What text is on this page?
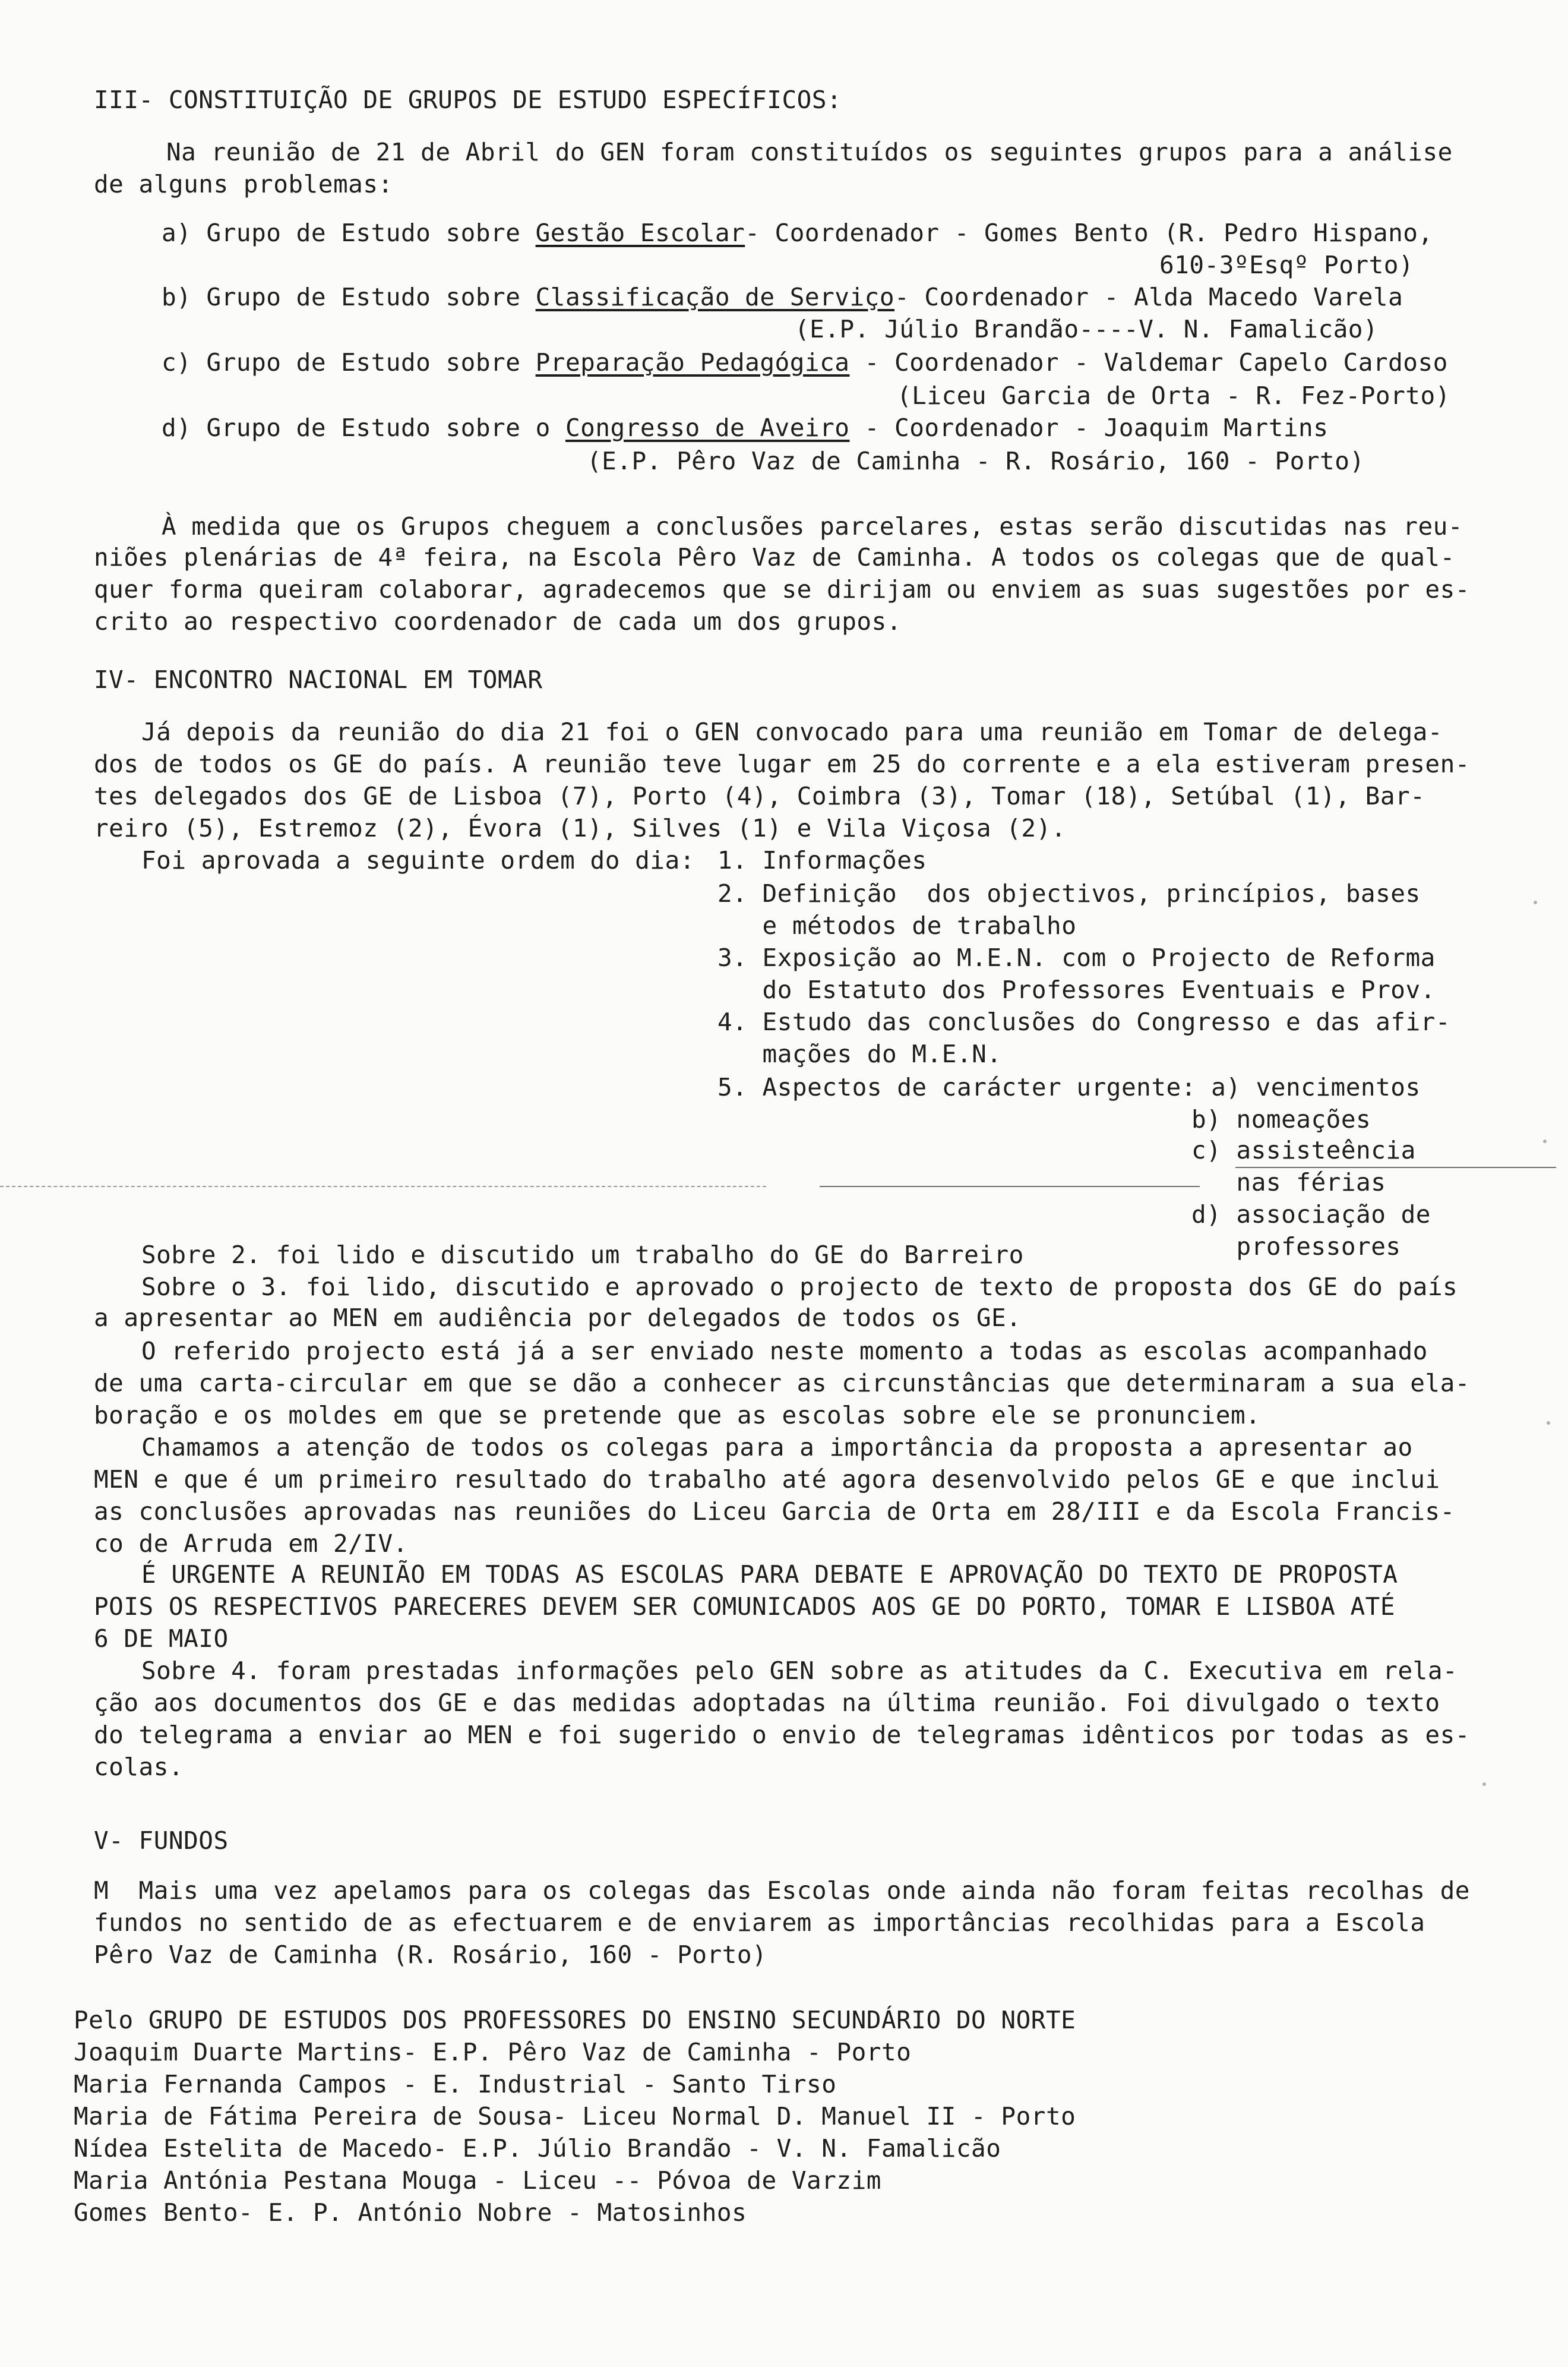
III- CONSTITUIÇÃO DE GRUPOS DE ESTUDO ESPECÍFICOS:
Na reunião de 21 de Abril do GEN foram constituídos os seguintes grupos para a análise
de alguns problemas:
a) Grupo de Estudo sobre Gestão Escolar- Coordenador - Gomes Bento (R. Pedro Hispano,
610-3ºEsqº Porto)
b) Grupo de Estudo sobre Classificação de Serviço- Coordenador - Alda Macedo Varela
(E.P. Júlio Brandão----V. N. Famalicão)
c) Grupo de Estudo sobre Preparação Pedagógica - Coordenador - Valdemar Capelo Cardoso
(Liceu Garcia de Orta - R. Fez-Porto)
d) Grupo de Estudo sobre o Congresso de Aveiro - Coordenador - Joaquim Martins
(E.P. Pêro Vaz de Caminha - R. Rosário, 160 - Porto)
À medida que os Grupos cheguem a conclusões parcelares, estas serão discutidas nas reu-
niões plenárias de 4ª feira, na Escola Pêro Vaz de Caminha. A todos os colegas que de qual-
quer forma queiram colaborar, agradecemos que se dirijam ou enviem as suas sugestões por es-
crito ao respectivo coordenador de cada um dos grupos.
IV- ENCONTRO NACIONAL EM TOMAR
Já depois da reunião do dia 21 foi o GEN convocado para uma reunião em Tomar de delega-
dos de todos os GE do país. A reunião teve lugar em 25 do corrente e a ela estiveram presen-
tes delegados dos GE de Lisboa (7), Porto (4), Coimbra (3), Tomar (18), Setúbal (1), Bar-
reiro (5), Estremoz (2), Évora (1), Silves (1) e Vila Viçosa (2).
Foi aprovada a seguinte ordem do dia: 1. Informações
2. Definição  dos objectivos, princípios, bases
e métodos de trabalho
3. Exposição ao M.E.N. com o Projecto de Reforma
do Estatuto dos Professores Eventuais e Prov.
4. Estudo das conclusões do Congresso e das afir-
mações do M.E.N.
5. Aspectos de carácter urgente: a) vencimentos
b) nomeações
c) assisteência
nas férias
d) associação de
professores
Sobre 2. foi lido e discutido um trabalho do GE do Barreiro
Sobre o 3. foi lido, discutido e aprovado o projecto de texto de proposta dos GE do país
a apresentar ao MEN em audiência por delegados de todos os GE.
O referido projecto está já a ser enviado neste momento a todas as escolas acompanhado
de uma carta-circular em que se dão a conhecer as circunstâncias que determinaram a sua ela-
boração e os moldes em que se pretende que as escolas sobre ele se pronunciem.
Chamamos a atenção de todos os colegas para a importância da proposta a apresentar ao
MEN e que é um primeiro resultado do trabalho até agora desenvolvido pelos GE e que inclui
as conclusões aprovadas nas reuniões do Liceu Garcia de Orta em 28/III e da Escola Francis-
co de Arruda em 2/IV.
É URGENTE A REUNIÃO EM TODAS AS ESCOLAS PARA DEBATE E APROVAÇÃO DO TEXTO DE PROPOSTA
POIS OS RESPECTIVOS PARECERES DEVEM SER COMUNICADOS AOS GE DO PORTO, TOMAR E LISBOA ATÉ
6 DE MAIO
Sobre 4. foram prestadas informações pelo GEN sobre as atitudes da C. Executiva em rela-
ção aos documentos dos GE e das medidas adoptadas na última reunião. Foi divulgado o texto
do telegrama a enviar ao MEN e foi sugerido o envio de telegramas idênticos por todas as es-
colas.
V- FUNDOS
M  Mais uma vez apelamos para os colegas das Escolas onde ainda não foram feitas recolhas de
fundos no sentido de as efectuarem e de enviarem as importâncias recolhidas para a Escola
Pêro Vaz de Caminha (R. Rosário, 160 - Porto)
Pelo GRUPO DE ESTUDOS DOS PROFESSORES DO ENSINO SECUNDÁRIO DO NORTE
Joaquim Duarte Martins- E.P. Pêro Vaz de Caminha - Porto
Maria Fernanda Campos - E. Industrial - Santo Tirso
Maria de Fátima Pereira de Sousa- Liceu Normal D. Manuel II - Porto
Nídea Estelita de Macedo- E.P. Júlio Brandão - V. N. Famalicão
Maria Antónia Pestana Mouga - Liceu -- Póvoa de Varzim
Gomes Bento- E. P. António Nobre - Matosinhos
